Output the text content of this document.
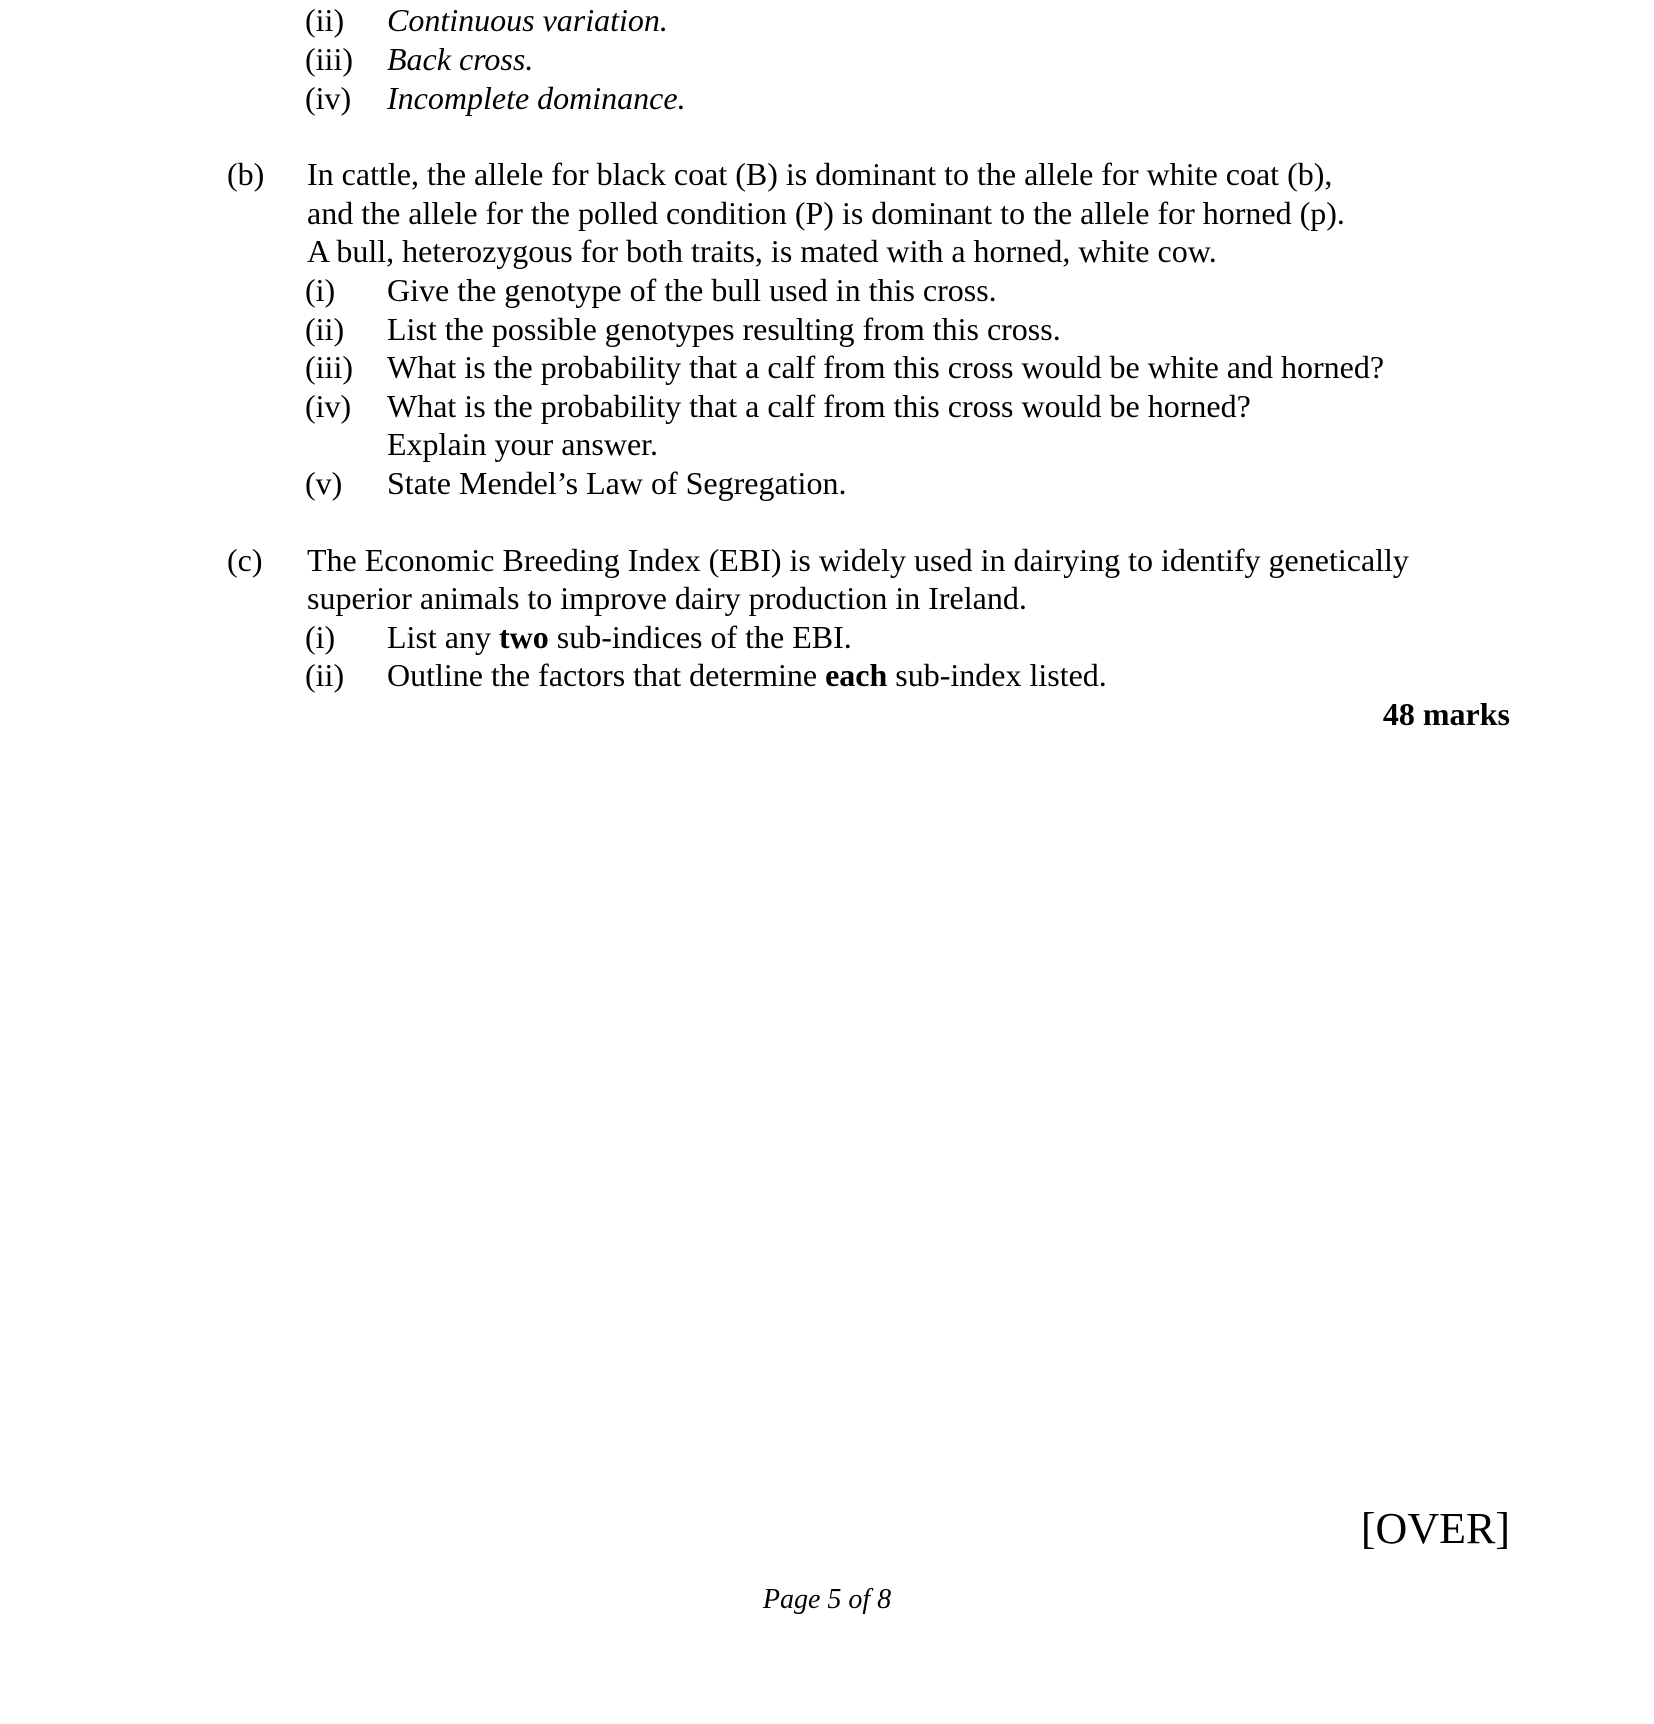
(ii) Continuous variation.
(iii) Back cross.
(iv) Incomplete dominance.
(b) In cattle, the allele for black coat (B) is dominant to the allele for white coat (b),
and the allele for the polled condition (P) is dominant to the allele for horned (p).
A bull, heterozygous for both traits, is mated with a horned, white cow.
(i) Give the genotype of the bull used in this cross.
(ii) List the possible genotypes resulting from this cross.
(iii) What is the probability that a calf from this cross would be white and horned?
(iv) What is the probability that a calf from this cross would be horned?
Explain your answer.
(v) State Mendel’s Law of Segregation.
(c) The Economic Breeding Index (EBI) is widely used in dairying to identify genetically
superior animals to improve dairy production in Ireland.
(i) List any two sub-indices of the EBI.
(ii) Outline the factors that determine each sub-index listed.
48 marks
[OVER]
Page 5 of 8
